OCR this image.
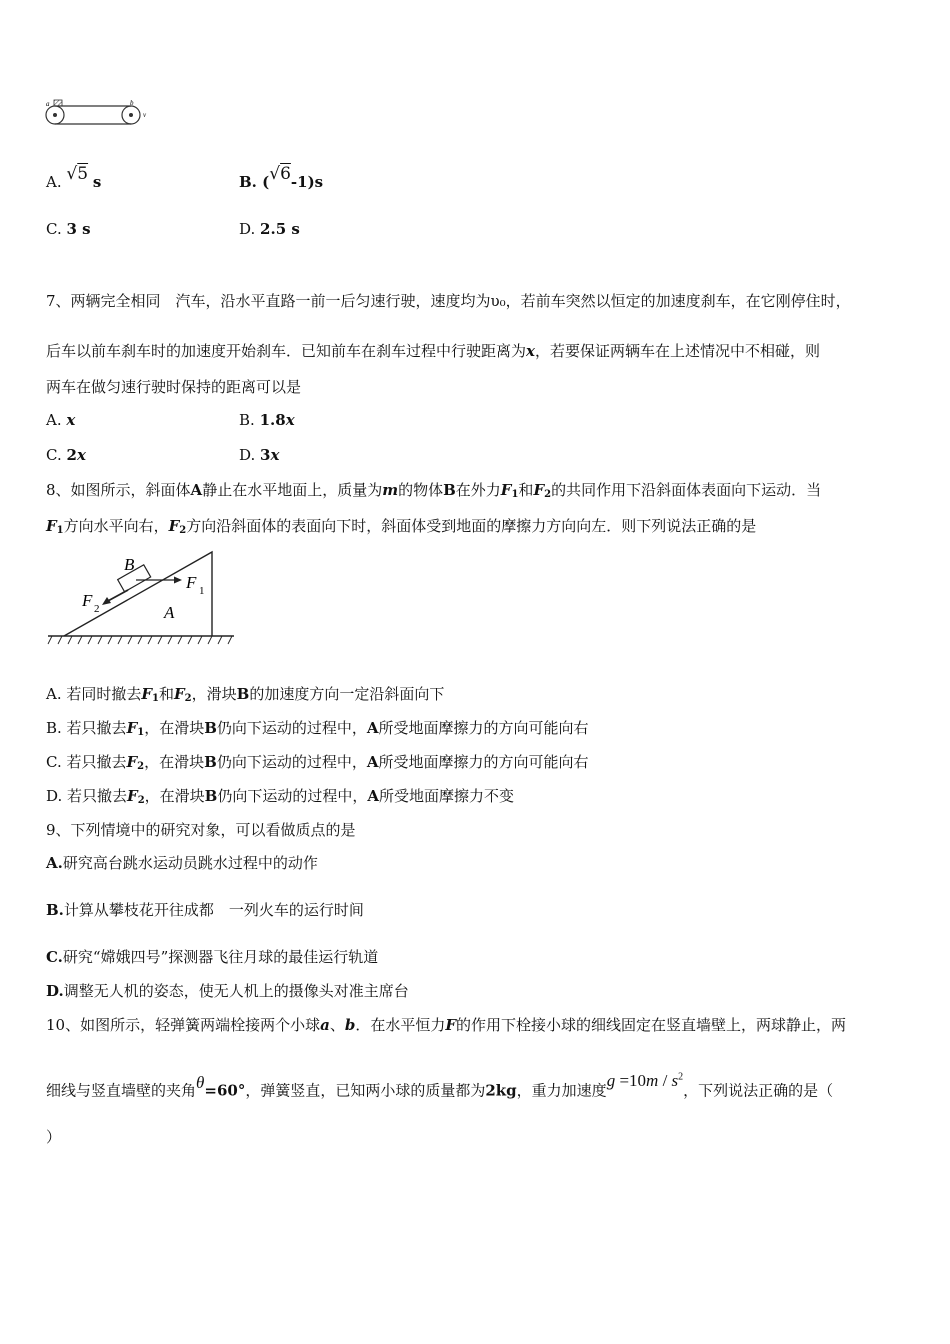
a	b
v
A. √5 s	B. (√6-1)s
C. 3 s	D. 2.5 s
7、两辆完全相同　汽车，沿水平直路一前一后匀速行驶，速度均为υ₀，若前车突然以恒定的加速度刹车，在它刚停住时，
后车以前车刹车时的加速度开始刹车．已知前车在刹车过程中行驶距离为x，若要保证两辆车在上述情况中不相碰，则
两车在做匀速行驶时保持的距离可以是
A. x	B. 1.8x
C. 2x	D. 3x
8、如图所示，斜面体A静止在水平地面上，质量为m的物体B在外力$F_1$和$F_2$的共同作用下沿斜面体表面向下运动．当
$F_1$方向水平向右，$F_2$方向沿斜面体的表面向下时，斜面体受到地面的摩擦力方向向左．则下列说法正确的是
B
F 1
F 2	A
A. 若同时撤去$F_1$和$F_2$，滑块B的加速度方向一定沿斜面向下
B. 若只撤去$F_1$，在滑块B仍向下运动的过程中，A所受地面摩擦力的方向可能向右
C. 若只撤去$F_2$，在滑块B仍向下运动的过程中，A所受地面摩擦力的方向可能向右
D. 若只撤去$F_2$，在滑块B仍向下运动的过程中，A所受地面摩擦力不变
9、下列情境中的研究对象，可以看做质点的是
A.研究高台跳水运动员跳水过程中的动作
B.计算从攀枝花开往成都　一列火车的运行时间
C.研究“嫦娥四号”探测器飞往月球的最佳运行轨道
D.调整无人机的姿态，使无人机上的摄像头对准主席台
10、如图所示，轻弹簧两端栓接两个小球a、b．在水平恒力F的作用下栓接小球的细线固定在竖直墙壁上，两球静止，两
细线与竖直墙壁的夹角θ=60°，弹簧竖直，已知两小球的质量都为2kg，重力加速度$g =10m / s^2$，下列说法正确的是（
）
